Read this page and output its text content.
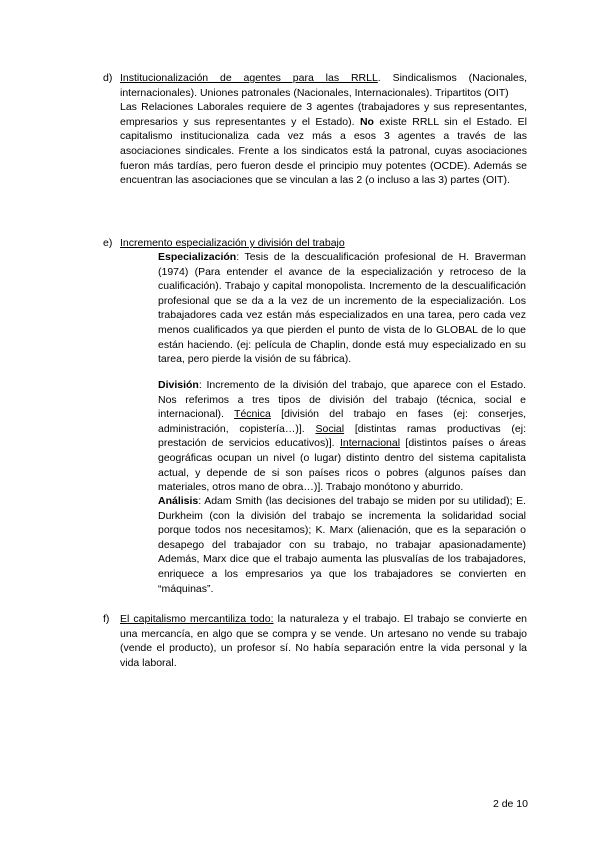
d) Institucionalización de agentes para las RRLL. Sindicalismos (Nacionales, internacionales). Uniones patronales (Nacionales, Internacionales). Tripartitos (OIT)

Las Relaciones Laborales requiere de 3 agentes (trabajadores y sus representantes, empresarios y sus representantes y el Estado). No existe RRLL sin el Estado. El capitalismo institucionaliza cada vez más a esos 3 agentes a través de las asociaciones sindicales. Frente a los sindicatos está la patronal, cuyas asociaciones fueron más tardías, pero fueron desde el principio muy potentes (OCDE). Además se encuentran las asociaciones que se vinculan a las 2 (o incluso a las 3) partes (OIT).

e) Incremento especialización y división del trabajo

Especialización: Tesis de la descualificación profesional de H. Braverman (1974) (Para entender el avance de la especialización y retroceso de la cualificación). Trabajo y capital monopolista. Incremento de la descualificación profesional que se da a la vez de un incremento de la especialización. Los trabajadores cada vez están más especializados en una tarea, pero cada vez menos cualificados ya que pierden el punto de vista de lo GLOBAL de lo que están haciendo. (ej: película de Chaplin, donde está muy especializado en su tarea, pero pierde la visión de su fábrica).

División: Incremento de la división del trabajo, que aparece con el Estado. Nos referimos a tres tipos de división del trabajo (técnica, social e internacional). Técnica [división del trabajo en fases (ej: conserjes, administración, copistería…)]. Social [distintas ramas productivas (ej: prestación de servicios educativos)]. Internacional [distintos países o áreas geográficas ocupan un nivel (o lugar) distinto dentro del sistema capitalista actual, y depende de si son países ricos o pobres (algunos países dan materiales, otros mano de obra…)]. Trabajo monótono y aburrido.

Análisis: Adam Smith (las decisiones del trabajo se miden por su utilidad); E. Durkheim (con la división del trabajo se incrementa la solidaridad social porque todos nos necesitamos); K. Marx (alienación, que es la separación o desapego del trabajador con su trabajo, no trabajar apasionadamente) Además, Marx dice que el trabajo aumenta las plusvalías de los trabajadores, enriquece a los empresarios ya que los trabajadores se convierten en “máquinas”.

f) El capitalismo mercantiliza todo: la naturaleza y el trabajo. El trabajo se convierte en una mercancía, en algo que se compra y se vende. Un artesano no vende su trabajo (vende el producto), un profesor sí. No había separación entre la vida personal y la vida laboral.

2 de 10
